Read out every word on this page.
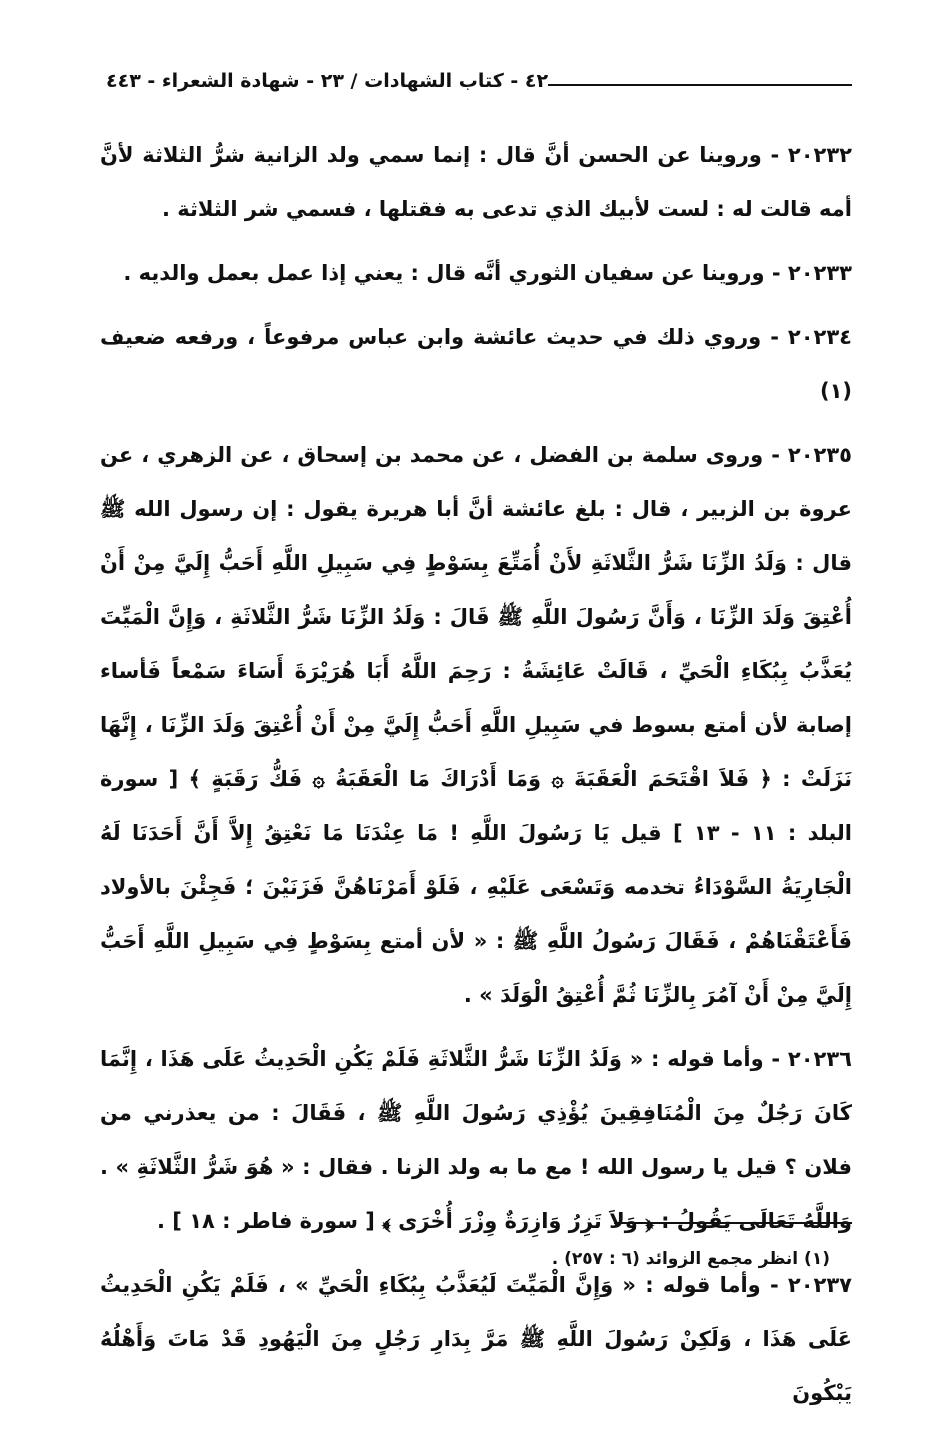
٤٢ - كتاب الشهادات / ٢٣ - شهادة الشعراء - ٤٤٣

٢٠٢٣٢ - وروينا عن الحسن أنَّ قال : إنما سمي ولد الزانية شرُّ الثلاثة لأنَّ أمه قالت له : لست لأبيك الذي تدعى به فقتلها ، فسمي شر الثلاثة .

٢٠٢٣٣ - وروينا عن سفيان الثوري أنَّه قال : يعني إذا عمل بعمل والديه .

٢٠٢٣٤ - وروي ذلك في حديث عائشة وابن عباس مرفوعاً ، ورفعه ضعيف (١)

٢٠٢٣٥ - وروى سلمة بن الفضل ، عن محمد بن إسحاق ، عن الزهري ، عن عروة بن الزبير ، قال : بلغ عائشة أنَّ أبا هريرة يقول : إن رسول الله ﷺ قال : وَلَدُ الزِّنَا شَرُّ الثَّلاثَةِ لأَنْ أُمَتِّعَ بِسَوْطٍ فِي سَبِيلِ اللَّهِ أَحَبُّ إِلَيَّ مِنْ أَنْ أُعْتِقَ وَلَدَ الزِّنَا ، وَأَنَّ رَسُولَ اللَّهِ ﷺ قَالَ : وَلَدُ الزِّنَا شَرُّ الثَّلاثَةِ ، وَإِنَّ الْمَيِّتَ يُعَذَّبُ بِبُكَاءِ الْحَيِّ ، قَالَتْ عَائِشَةُ : رَحِمَ اللَّهُ أَبَا هُرَيْرَةَ أَسَاءَ سَمْعاً فَأساء إصابة لأن أمتع بسوط في سَبِيلِ اللَّهِ أَحَبُّ إِلَيَّ مِنْ أَنْ أُعْتِقَ وَلَدَ الزِّنَا ، إِنَّهَا نَزَلَتْ : ﴿ فَلاَ اقْتَحَمَ الْعَقَبَةَ ۞ وَمَا أَدْرَاكَ مَا الْعَقَبَةُ ۞ فَكُّ رَقَبَةٍ ﴾ [ سورة البلد : ١١ - ١٣ ] قيل يَا رَسُولَ اللَّهِ ! مَا عِنْدَنَا مَا نَعْتِقُ إِلاَّ أَنَّ أَحَدَنَا لَهُ الْجَارِيَةُ السَّوْدَاءُ تخدمه وَتَسْعَى عَلَيْهِ ، فَلَوْ أَمَرْنَاهُنَّ فَزَنَيْنَ ؛ فَجِئْنَ بالأولاد فَأَعْتَقْنَاهُمْ ، فَقَالَ رَسُولُ اللَّهِ ﷺ : « لأن أمتع بِسَوْطٍ فِي سَبِيلِ اللَّهِ أَحَبُّ إِلَيَّ مِنْ أَنْ آمُرَ بِالزِّنَا ثُمَّ أُعْتِقُ الْوَلَدَ » .

٢٠٢٣٦ - وأما قوله : « وَلَدُ الزِّنَا شَرُّ الثَّلاثَةِ فَلَمْ يَكُنِ الْحَدِيثُ عَلَى هَذَا ، إِنَّمَا كَانَ رَجُلٌ مِنَ الْمُنَافِقِينَ يُؤْذِي رَسُولَ اللَّهِ ﷺ ، فَقَالَ : من يعذرني من فلان ؟ قيل يا رسول الله ! مع ما به ولد الزنا . فقال : « هُوَ شَرُّ الثَّلاثَةِ » . وَاللَّهُ تَعَالَى يَقُولُ : ﴿ وَلاَ تَزِرُ وَازِرَةٌ وِزْرَ أُخْرَى ﴾ [ سورة فاطر : ١٨ ] .

٢٠٢٣٧ - وأما قوله : « وَإِنَّ الْمَيِّتَ لَيُعَذَّبُ بِبُكَاءِ الْحَيِّ » ، فَلَمْ يَكُنِ الْحَدِيثُ عَلَى هَذَا ، وَلَكِنْ رَسُولَ اللَّهِ ﷺ مَرَّ بِدَارِ رَجُلٍ مِنَ الْيَهُودِ قَدْ مَاتَ وَأَهْلُهُ يَبْكُونَ

(١) انظر مجمع الزوائد (٦ : ٢٥٧) .
